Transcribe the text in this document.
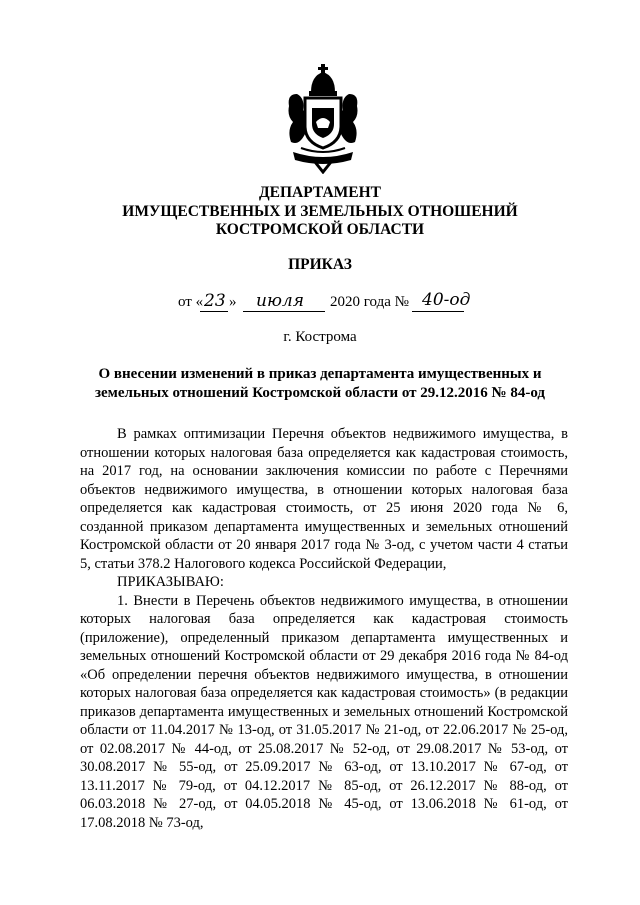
ДЕПАРТАМЕНТ
ИМУЩЕСТВЕННЫХ И ЗЕМЕЛЬНЫХ ОТНОШЕНИЙ
КОСТРОМСКОЙ ОБЛАСТИ
ПРИКАЗ
от « 23 » июля 2020 года № 40-од
г. Кострома
О внесении изменений в приказ департамента имущественных и
земельных отношений Костромской области от 29.12.2016 № 84-од

В рамках оптимизации Перечня объектов недвижимого имущества, в отношении которых налоговая база определяется как кадастровая стоимость, на 2017 год, на основании заключения комиссии по работе с Перечнями объектов недвижимого имущества, в отношении которых налоговая база определяется как кадастровая стоимость, от 25 июня 2020 года № 6, созданной приказом департамента имущественных и земельных отношений Костромской области от 20 января 2017 года № 3-од, с учетом части 4 статьи 5, статьи 378.2 Налогового кодекса Российской Федерации,

ПРИКАЗЫВАЮ:

1. Внести в Перечень объектов недвижимого имущества, в отношении которых налоговая база определяется как кадастровая стоимость (приложение), определенный приказом департамента имущественных и земельных отношений Костромской области от 29 декабря 2016 года № 84-од «Об определении перечня объектов недвижимого имущества, в отношении которых налоговая база определяется как кадастровая стоимость» (в редакции приказов департамента имущественных и земельных отношений Костромской области от 11.04.2017 № 13-од, от 31.05.2017 № 21-од, от 22.06.2017 № 25-од, от 02.08.2017 № 44-од, от 25.08.2017 № 52-од, от 29.08.2017 № 53-од, от 30.08.2017 № 55-од, от 25.09.2017 № 63-од, от 13.10.2017 № 67-од, от 13.11.2017 № 79-од, от 04.12.2017 № 85-од, от 26.12.2017 № 88-од, от 06.03.2018 № 27-од, от 04.05.2018 № 45-од, от 13.06.2018 № 61-од, от 17.08.2018 № 73-од,
